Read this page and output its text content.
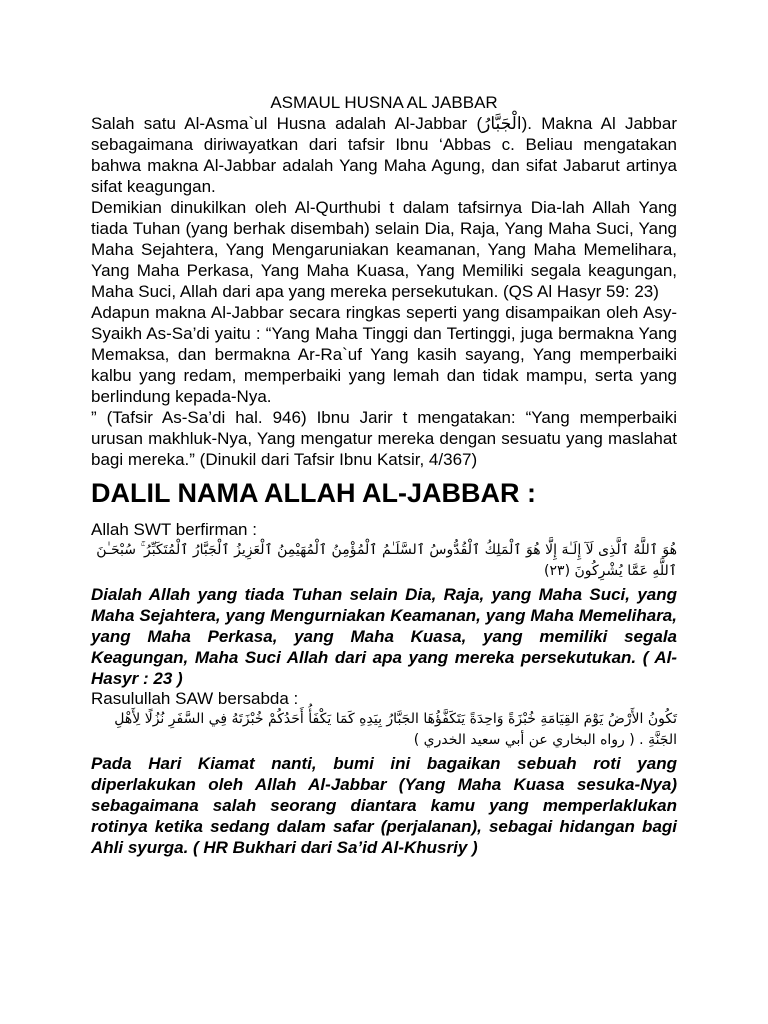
ASMAUL HUSNA AL JABBAR

Salah satu Al-Asma`ul Husna adalah Al-Jabbar (الْجَبَّارُ). Makna Al Jabbar sebagaimana diriwayatkan dari tafsir Ibnu ‘Abbas c. Beliau mengatakan bahwa makna Al-Jabbar adalah Yang Maha Agung, dan sifat Jabarut artinya sifat keagungan.

Demikian dinukilkan oleh Al-Qurthubi t dalam tafsirnya Dia-lah Allah Yang tiada Tuhan (yang berhak disembah) selain Dia, Raja, Yang Maha Suci, Yang Maha Sejahtera, Yang Mengaruniakan keamanan, Yang Maha Memelihara, Yang Maha Perkasa, Yang Maha Kuasa, Yang Memiliki segala keagungan, Maha Suci, Allah dari apa yang mereka persekutukan. (QS Al Hasyr 59: 23)

Adapun makna Al-Jabbar secara ringkas seperti yang disampaikan oleh Asy-Syaikh As-Sa’di yaitu : “Yang Maha Tinggi dan Tertinggi, juga bermakna Yang Memaksa, dan bermakna Ar-Ra`uf Yang kasih sayang, Yang memperbaiki kalbu yang redam, memperbaiki yang lemah dan tidak mampu, serta yang berlindung kepada-Nya.

” (Tafsir As-Sa’di hal. 946) Ibnu Jarir t mengatakan: “Yang memperbaiki urusan makhluk-Nya, Yang mengatur mereka dengan sesuatu yang maslahat bagi mereka.” (Dinukil dari Tafsir Ibnu Katsir, 4/367)

DALIL NAMA ALLAH AL-JABBAR :

Allah SWT berfirman :

هُوَ ٱللَّهُ ٱلَّذِى لَآ إِلَـٰهَ إِلَّا هُوَ ٱلْمَلِكُ ٱلْقُدُّوسُ ٱلسَّلَـٰمُ ٱلْمُؤْمِنُ ٱلْمُهَيْمِنُ ٱلْعَزِيزُ ٱلْجَبَّارُ ٱلْمُتَكَبِّرُ ۚ سُبْحَـٰنَ ٱللَّهِ عَمَّا يُشْرِكُونَ (٢٣)

Dialah Allah yang tiada Tuhan selain Dia, Raja, yang Maha Suci, yang Maha Sejahtera, yang Mengurniakan Keamanan, yang Maha Memelihara, yang Maha Perkasa, yang Maha Kuasa, yang memiliki segala Keagungan, Maha Suci Allah dari apa yang mereka persekutukan. ( Al-Hasyr : 23 )

Rasulullah SAW bersabda :

تَكُونُ الأَرْضُ يَوْمَ القِيَامَةِ خُبْزَةً وَاحِدَةً يَتَكَفَّؤُهَا الجَبَّارُ بِيَدِهِ كَمَا يَكْفَأُ أَحَدُكُمْ خُبْزَتَهُ فِي السَّفَرِ نُزُلًا لِأَهْلِ الجَنَّةِ . ( رواه البخاري عن أبي سعيد الخدري )

Pada Hari Kiamat nanti, bumi ini bagaikan sebuah roti yang diperlakukan oleh Allah Al-Jabbar (Yang Maha Kuasa sesuka-Nya) sebagaimana salah seorang diantara kamu yang memperlaklukan rotinya ketika sedang dalam safar (perjalanan), sebagai hidangan bagi Ahli syurga. ( HR Bukhari dari Sa’id Al-Khusriy )
